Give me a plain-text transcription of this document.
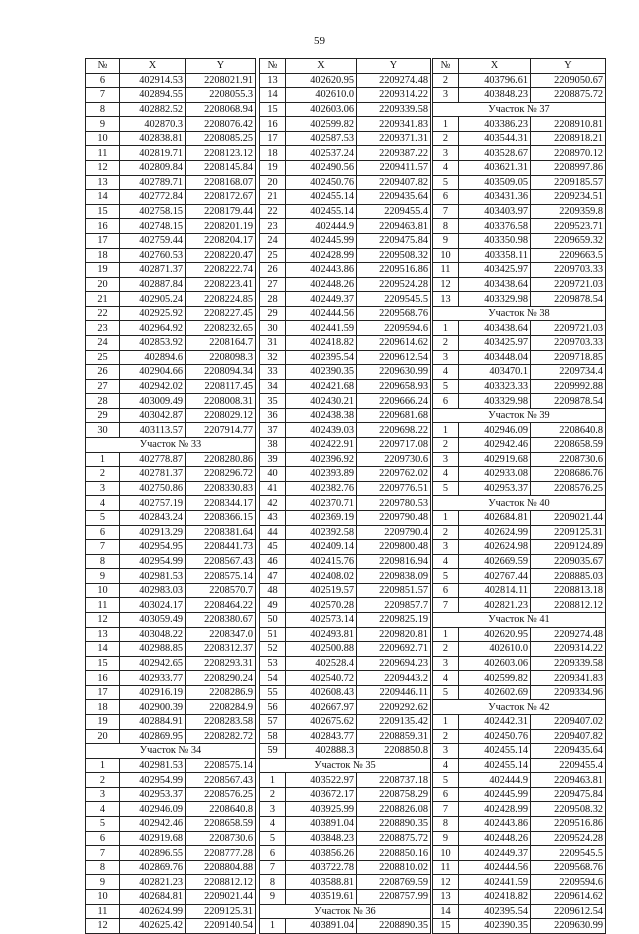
59
№	X	Y
6	402914.53	2208021.91
7	402894.55	2208055.3
8	402882.52	2208068.94
9	402870.3	2208076.42
10	402838.81	2208085.25
11	402819.71	2208123.12
12	402809.84	2208145.84
13	402789.71	2208168.07
14	402772.84	2208172.67
15	402758.15	2208179.44
16	402748.15	2208201.19
17	402759.44	2208204.17
18	402760.53	2208220.47
19	402871.37	2208222.74
20	402887.84	2208223.41
21	402905.24	2208224.85
22	402925.92	2208227.45
23	402964.92	2208232.65
24	402853.92	2208164.7
25	402894.6	2208098.3
26	402904.66	2208094.34
27	402942.02	2208117.45
28	403009.49	2208008.31
29	403042.87	2208029.12
30	403113.57	2207914.77
Участок № 33		
1	402778.87	2208280.86
2	402781.37	2208296.72
3	402750.86	2208330.83
4	402757.19	2208344.17
5	402843.24	2208366.15
6	402913.29	2208381.64
7	402954.95	2208441.73
8	402954.99	2208567.43
9	402981.53	2208575.14
10	402983.03	2208570.7
11	403024.17	2208464.22
12	403059.49	2208380.67
13	403048.22	2208347.0
14	402988.85	2208312.37
15	402942.65	2208293.31
16	402933.77	2208290.24
17	402916.19	2208286.9
18	402900.39	2208284.9
19	402884.91	2208283.58
20	402869.95	2208282.72
Участок № 34		
1	402981.53	2208575.14
2	402954.99	2208567.43
3	402953.37	2208576.25
4	402946.09	2208640.8
5	402942.46	2208658.59
6	402919.68	2208730.6
7	402896.55	2208777.28
8	402869.76	2208804.88
9	402821.23	2208812.12
10	402684.81	2209021.44
11	402624.99	2209125.31
12	402625.42	2209140.54
№	X	Y
13	402620.95	2209274.48
14	402610.0	2209314.22
15	402603.06	2209339.58
16	402599.82	2209341.83
17	402587.53	2209371.31
18	402537.24	2209387.22
19	402490.56	2209411.57
20	402450.76	2209407.82
21	402455.14	2209435.64
22	402455.14	2209455.4
23	402444.9	2209463.81
24	402445.99	2209475.84
25	402428.99	2209508.32
26	402443.86	2209516.86
27	402448.26	2209524.28
28	402449.37	2209545.5
29	402444.56	2209568.76
30	402441.59	2209594.6
31	402418.82	2209614.62
32	402395.54	2209612.54
33	402390.35	2209630.99
34	402421.68	2209658.93
35	402430.21	2209666.24
36	402438.38	2209681.68
37	402439.03	2209698.22
38	402422.91	2209717.08
39	402396.92	2209730.6
40	402393.89	2209762.02
41	402382.76	2209776.51
42	402370.71	2209780.53
43	402369.19	2209790.48
44	402392.58	2209790.4
45	402409.14	2209800.48
46	402415.76	2209816.94
47	402408.02	2209838.09
48	402519.57	2209851.57
49	402570.28	2209857.7
50	402573.14	2209825.19
51	402493.81	2209820.81
52	402500.88	2209692.71
53	402528.4	2209694.23
54	402540.72	2209443.2
55	402608.43	2209446.11
56	402667.97	2209292.62
57	402675.62	2209135.42
58	402843.77	2208859.31
59	402888.3	2208850.8
Участок № 35		
1	403522.97	2208737.18
2	403672.17	2208758.29
3	403925.99	2208826.08
4	403891.04	2208890.35
5	403848.23	2208875.72
6	403856.26	2208850.16
7	403722.78	2208810.02
8	403588.81	2208769.59
9	403519.61	2208757.99
Участок № 36		
1	403891.04	2208890.35
№	X	Y
2	403796.61	2209050.67
3	403848.23	2208875.72
Участок № 37		
1	403386.23	2208910.81
2	403544.31	2208918.21
3	403528.67	2208970.12
4	403621.31	2208997.86
5	403509.05	2209185.57
6	403431.36	2209234.51
7	403403.97	2209359.8
8	403376.58	2209523.71
9	403350.98	2209659.32
10	403358.11	2209663.5
11	403425.97	2209703.33
12	403438.64	2209721.03
13	403329.98	2209878.54
Участок № 38		
1	403438.64	2209721.03
2	403425.97	2209703.33
3	403448.04	2209718.85
4	403470.1	2209734.4
5	403323.33	2209992.88
6	403329.98	2209878.54
Участок № 39		
1	402946.09	2208640.8
2	402942.46	2208658.59
3	402919.68	2208730.6
4	402933.08	2208686.76
5	402953.37	2208576.25
Участок № 40		
1	402684.81	2209021.44
2	402624.99	2209125.31
3	402624.98	2209124.89
4	402669.59	2209035.67
5	402767.44	2208885.03
6	402814.11	2208813.18
7	402821.23	2208812.12
Участок № 41		
1	402620.95	2209274.48
2	402610.0	2209314.22
3	402603.06	2209339.58
4	402599.82	2209341.83
5	402602.69	2209334.96
Участок № 42		
1	402442.31	2209407.02
2	402450.76	2209407.82
3	402455.14	2209435.64
4	402455.14	2209455.4
5	402444.9	2209463.81
6	402445.99	2209475.84
7	402428.99	2209508.32
8	402443.86	2209516.86
9	402448.26	2209524.28
10	402449.37	2209545.5
11	402444.56	2209568.76
12	402441.59	2209594.6
13	402418.82	2209614.62
14	402395.54	2209612.54
15	402390.35	2209630.99
